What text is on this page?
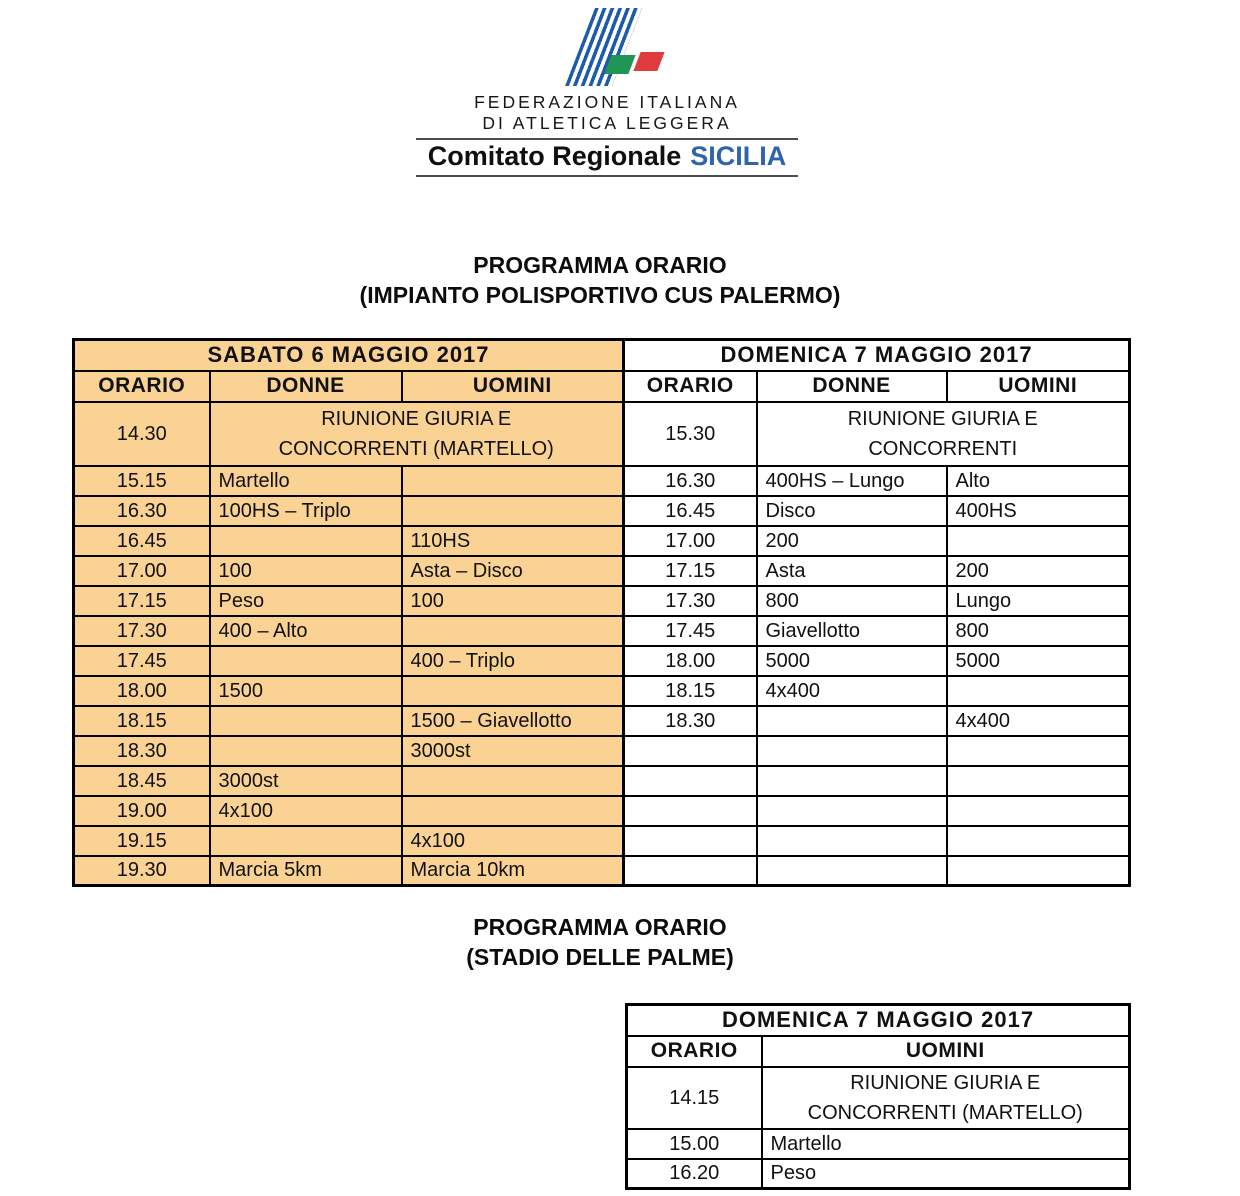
FEDERAZIONE ITALIANA
DI ATLETICA LEGGERA
Comitato Regionale SICILIA
PROGRAMMA ORARIO
(IMPIANTO POLISPORTIVO CUS PALERMO)
SABATO 6 MAGGIO 2017		
ORARIO	DONNE	UOMINI
14.30	RIUNIONE GIURIA E
CONCORRENTI (MARTELLO)	

15.15	Martello	
16.30	100HS – Triplo	
16.45		110HS
17.00	100	Asta – Disco
17.15	Peso	100
17.30	400 – Alto	
17.45		400 – Triplo
18.00	1500	
18.15		1500 – Giavellotto
18.30		3000st
18.45	3000st	
19.00	4x100	
19.15		4x100
19.30	Marcia 5km	Marcia 10km
DOMENICA 7 MAGGIO 2017		
ORARIO	DONNE	UOMINI
15.30	RIUNIONE GIURIA E
CONCORRENTI	

16.30	400HS – Lungo	Alto
16.45	Disco	400HS
17.00	200	
17.15	Asta	200
17.30	800	Lungo
17.45	Giavellotto	800
18.00	5000	5000
18.15	4x400	
18.30		4x400

PROGRAMMA ORARIO
(STADIO DELLE PALME)
DOMENICA 7 MAGGIO 2017	
ORARIO	UOMINI
14.15	RIUNIONE GIURIA E
CONCORRENTI (MARTELLO)

15.00	Martello
16.20	Peso
